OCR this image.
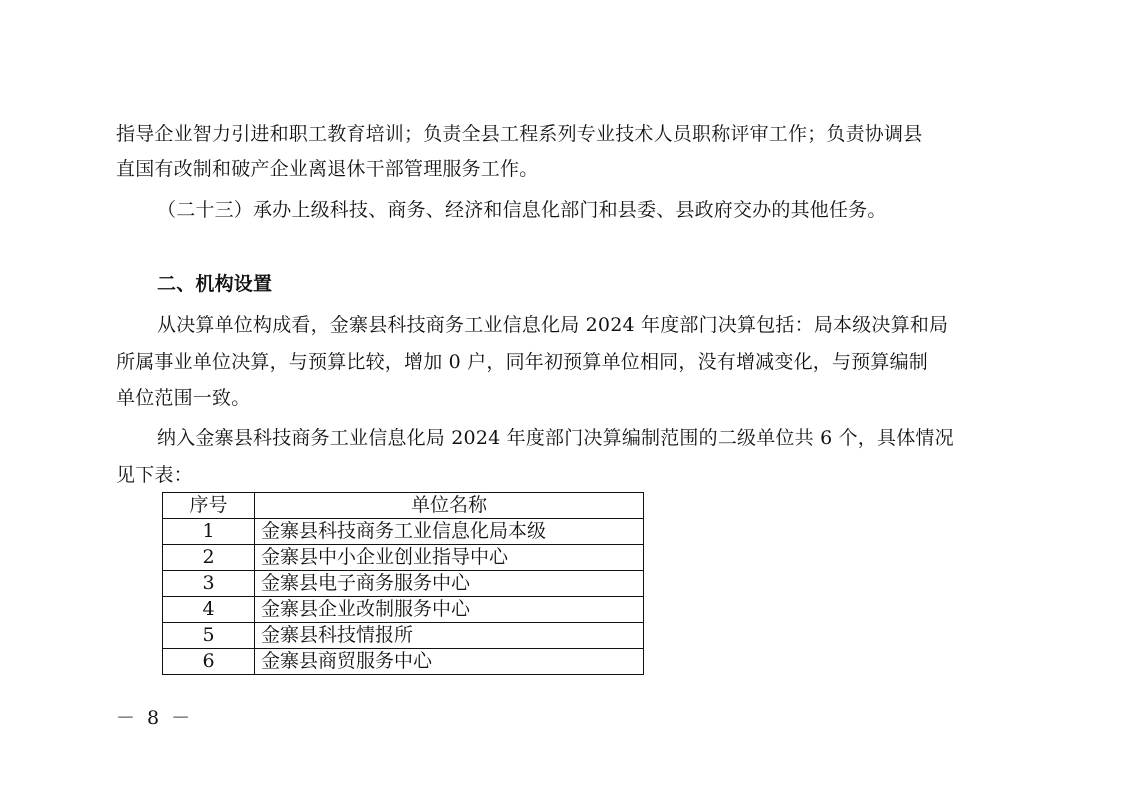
指导企业智力引进和职工教育培训；负责全县工程系列专业技术人员职称评审工作；负责协调县
直国有改制和破产企业离退休干部管理服务工作。
（二十三）承办上级科技、商务、经济和信息化部门和县委、县政府交办的其他任务。
二、机构设置
从决算单位构成看，金寨县科技商务工业信息化局 2024 年度部门决算包括：局本级决算和局
所属事业单位决算，与预算比较，增加 0 户，同年初预算单位相同，没有增减变化，与预算编制
单位范围一致。
纳入金寨县科技商务工业信息化局 2024 年度部门决算编制范围的二级单位共 6 个，具体情况
见下表：
序号	单位名称
1	金寨县科技商务工业信息化局本级
2	金寨县中小企业创业指导中心
3	金寨县电子商务服务中心
4	金寨县企业改制服务中心
5	金寨县科技情报所
6	金寨县商贸服务中心
－ 8 －
